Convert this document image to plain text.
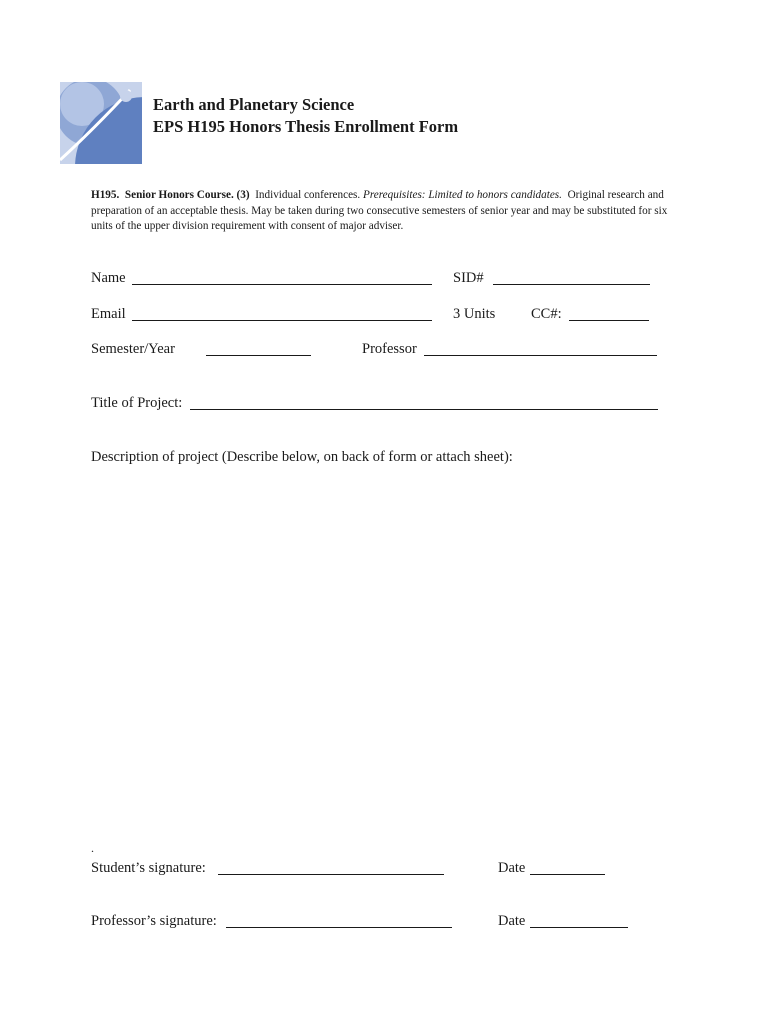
Earth and Planetary Science
EPS H195 Honors Thesis Enrollment Form
H195. Senior Honors Course. (3) Individual conferences. Prerequisites: Limited to honors candidates. Original research and preparation of an acceptable thesis. May be taken during two consecutive semesters of senior year and may be substituted for six units of the upper division requirement with consent of major adviser.
Name	SID#
Email	3 Units CC#:
Semester/Year	Professor
Title of Project:
Description of project (Describe below, on back of form or attach sheet):
.
Student’s signature:	Date
Professor’s signature:	Date
